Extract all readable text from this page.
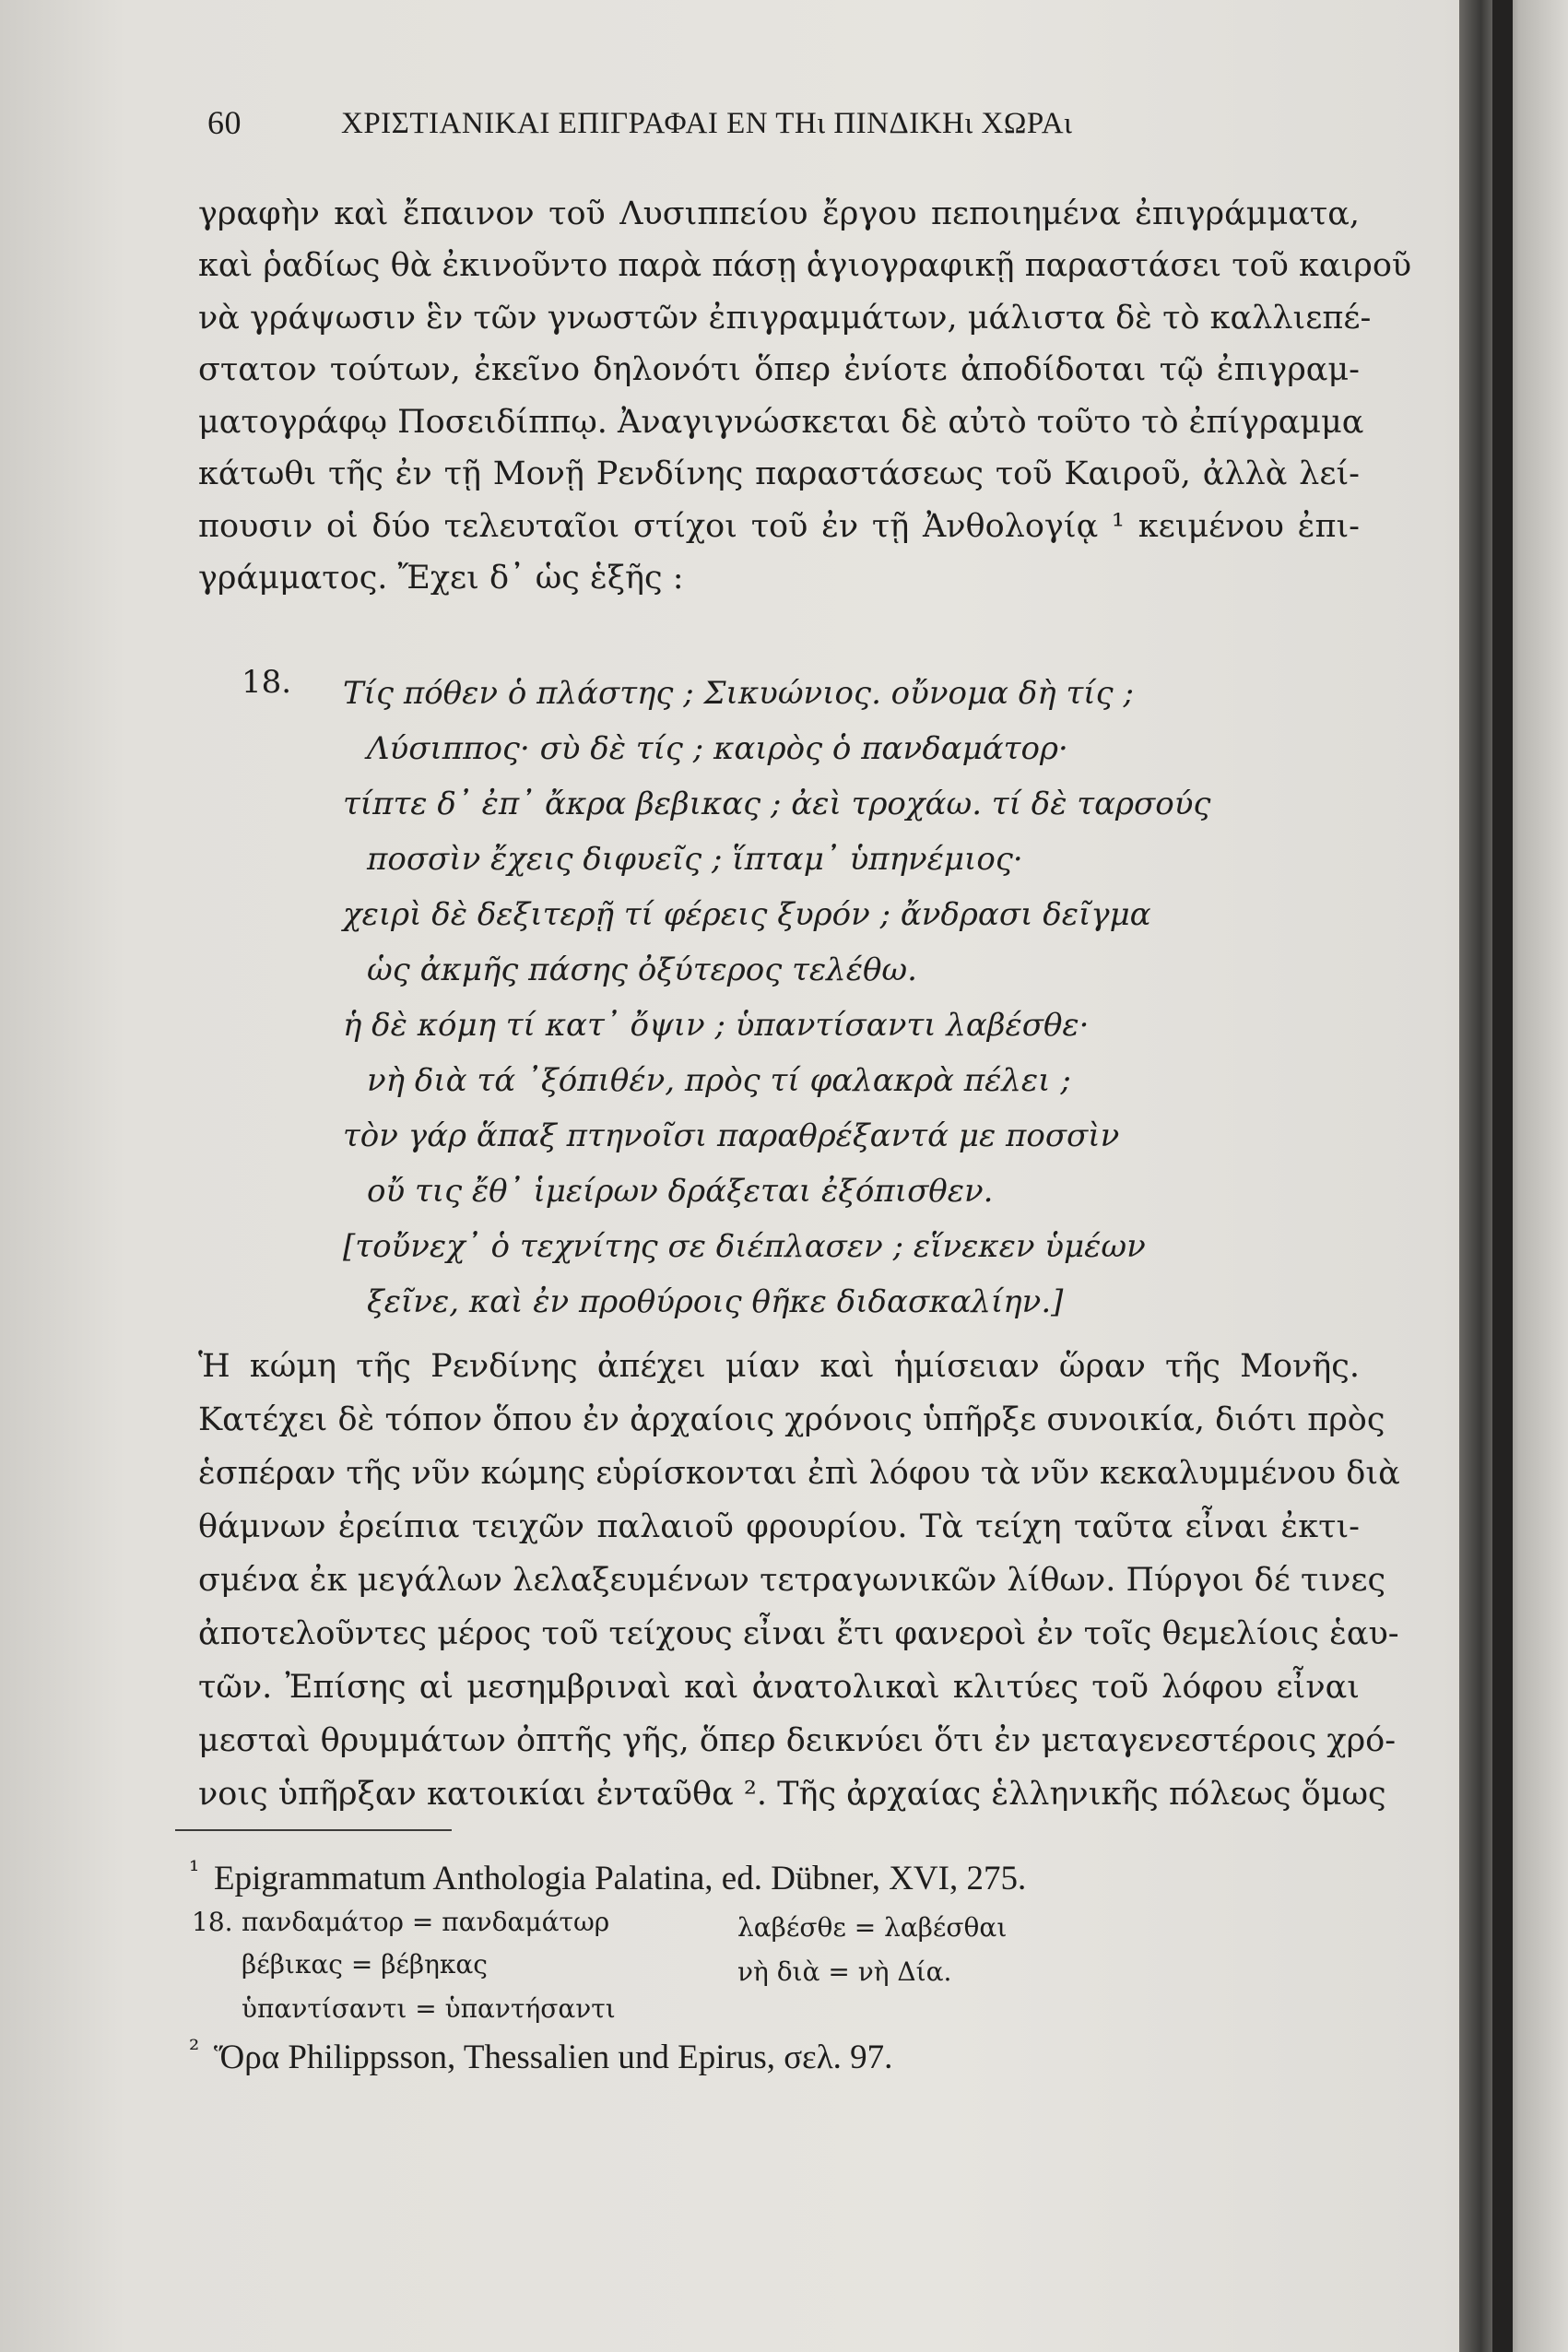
60	ΧΡΙΣΤΙΑΝΙΚΑΙ ΕΠΙΓΡΑΦΑΙ ΕΝ ΤΗι ΠΙΝΔΙΚΗι ΧΩΡΑι
γραφὴν καὶ ἔπαινον τοῦ Λυσιππείου ἔργου πεποιημένα ἐπιγράμματα,
καὶ ῥαδίως θὰ ἐκινοῦντο παρὰ πάσῃ ἁγιογραφικῇ παραστάσει τοῦ καιροῦ
νὰ γράψωσιν ἓν τῶν γνωστῶν ἐπιγραμμάτων, μάλιστα δὲ τὸ καλλιεπέ-
στατον τούτων, ἐκεῖνο δηλονότι ὅπερ ἐνίοτε ἀποδίδοται τῷ ἐπιγραμ-
ματογράφῳ Ποσειδίππῳ. Ἀναγιγνώσκεται δὲ αὐτὸ τοῦτο τὸ ἐπίγραμμα
κάτωθι τῆς ἐν τῇ Μονῇ Ρενδίνης παραστάσεως τοῦ Καιροῦ, ἀλλὰ λεί-
πουσιν οἱ δύο τελευταῖοι στίχοι τοῦ ἐν τῇ Ἀνθολογίᾳ ¹ κειμένου ἐπι-
γράμματος. Ἔχει δ᾽ ὡς ἑξῆς :
18. Τίς πόθεν ὁ πλάστης ; Σικυώνιος. οὔνομα δὴ τίς ;
Λύσιππος· σὺ δὲ τίς ; καιρὸς ὁ πανδαμάτορ·
τίπτε δ᾽ ἐπ᾽ ἄκρα βεβικας ; ἀεὶ τροχάω. τί δὲ ταρσούς
ποσσὶν ἔχεις διφυεῖς ; ἵπταμ᾽ ὑπηνέμιος·
χειρὶ δὲ δεξιτερῇ τί φέρεις ξυρόν ; ἄνδρασι δεῖγμα
ὡς ἀκμῆς πάσης ὀξύτερος τελέθω.
ἡ δὲ κόμη τί κατ᾽ ὄψιν ; ὑπαντίσαντι λαβέσθε·
νὴ διὰ τά ᾽ξόπιθέν, πρὸς τί φαλακρὰ πέλει ;
τὸν γάρ ἅπαξ πτηνοῖσι παραθρέξαντά με ποσσὶν
οὔ τις ἔθ᾽ ἱμείρων δράξεται ἐξόπισθεν.
[τοὔνεχ᾽ ὁ τεχνίτης σε διέπλασεν ; εἵνεκεν ὑμέων
ξεῖνε, καὶ ἐν προθύροις θῆκε διδασκαλίην.]
Ἡ κώμη τῆς Ρενδίνης ἀπέχει μίαν καὶ ἡμίσειαν ὥραν τῆς Μονῆς.
Κατέχει δὲ τόπον ὅπου ἐν ἀρχαίοις χρόνοις ὑπῆρξε συνοικία, διότι πρὸς
ἑσπέραν τῆς νῦν κώμης εὑρίσκονται ἐπὶ λόφου τὰ νῦν κεκαλυμμένου διὰ
θάμνων ἐρείπια τειχῶν παλαιοῦ φρουρίου. Τὰ τείχη ταῦτα εἶναι ἐκτι-
σμένα ἐκ μεγάλων λελαξευμένων τετραγωνικῶν λίθων. Πύργοι δέ τινες
ἀποτελοῦντες μέρος τοῦ τείχους εἶναι ἔτι φανεροὶ ἐν τοῖς θεμελίοις ἑαυ-
τῶν. Ἐπίσης αἱ μεσημβριναὶ καὶ ἀνατολικαὶ κλιτύες τοῦ λόφου εἶναι
μεσταὶ θρυμμάτων ὀπτῆς γῆς, ὅπερ δεικνύει ὅτι ἐν μεταγενεστέροις χρό-
νοις ὑπῆρξαν κατοικίαι ἐνταῦθα ². Τῆς ἀρχαίας ἑλληνικῆς πόλεως ὅμως
¹ Epigrammatum Anthologia Palatina, ed. Dübner, XVI, 275.
18. πανδαμάτορ = πανδαμάτωρ	λαβέσθε = λαβέσθαι
βέβικας = βέβηκας	νὴ διὰ = νὴ Δία.
ὑπαντίσαντι = ὑπαντήσαντι
² Ὅρα Philippsson, Thessalien und Epirus, σελ. 97.
